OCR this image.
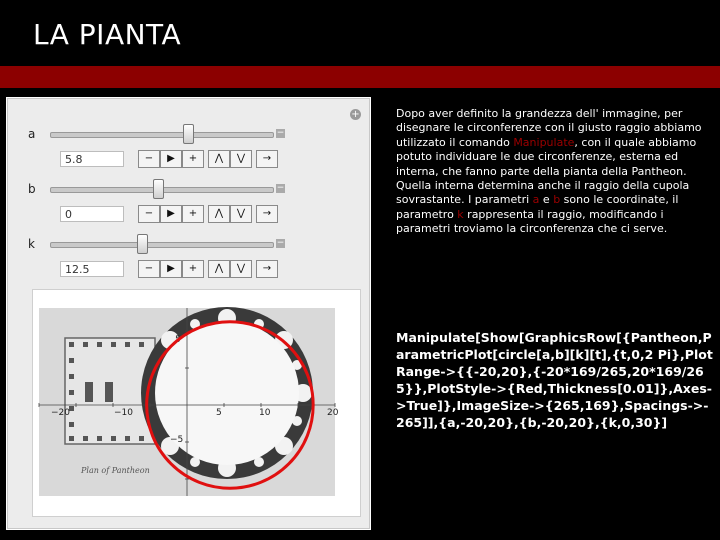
LA PIANTA
+
a	−
5.8	−	▶	+	⋀	⋁	→
b	−
0	−	▶	+	⋀	⋁	→
k	−
12.5	−	▶	+	⋀	⋁	→
Plan of Pantheon
−20	−10	5	10	20
5
−5
Dopo aver definito la grandezza dell' immagine, per disegnare le circonferenze con il giusto raggio abbiamo utilizzato il comando Manipulate, con il quale abbiamo potuto individuare le due circonferenze, esterna ed interna, che fanno parte della pianta della Pantheon. Quella interna determina anche il raggio della cupola sovrastante. I parametri a e b sono le coordinate, il parametro k rappresenta il raggio, modificando i parametri troviamo la circonferenza che ci serve.
Manipulate[Show[GraphicsRow[{Pantheon,ParametricPlot[circle[a,b][k][t],{t,0,2 Pi},PlotRange->{{-20,20},{-20*169/265,20*169/265}},PlotStyle->{Red,Thickness[0.01]},Axes->True]},ImageSize->{265,169},Spacings->-265]],{a,-20,20},{b,-20,20},{k,0,30}]
